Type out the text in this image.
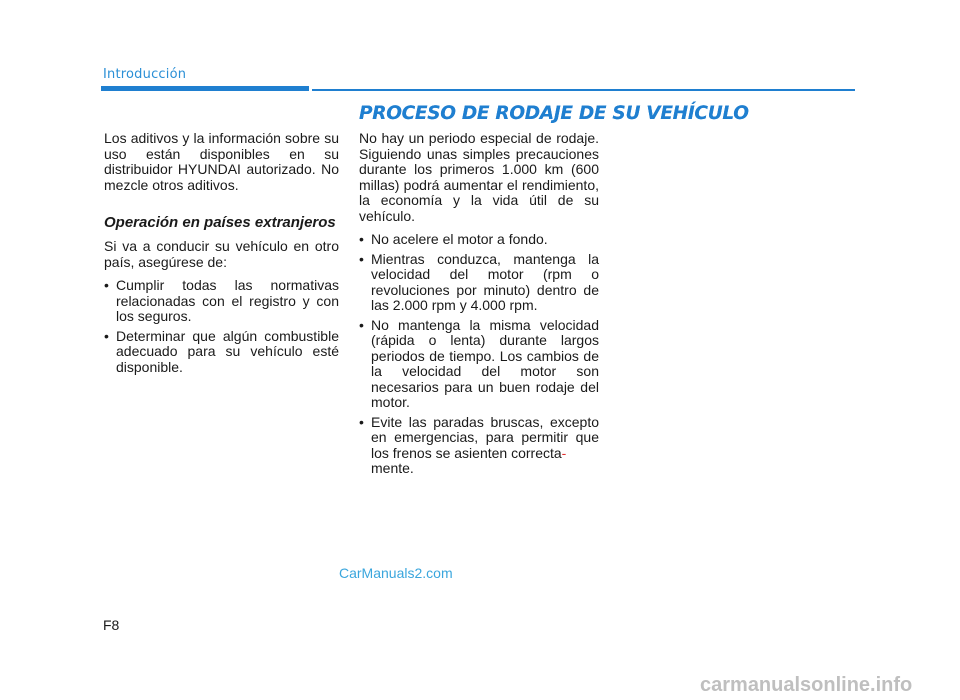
Introducción
PROCESO DE RODAJE DE SU VEHÍCULO

Los aditivos y la información sobre su uso están disponibles en su distribuidor HYUNDAI autorizado. No mezcle otros aditivos.

Operación en países extranjeros

Si va a conducir su vehículo en otro país, asegúrese de:

• Cumplir todas las normativas relacionadas con el registro y con los seguros.
• Determinar que algún combustible adecuado para su vehículo esté disponible.

No hay un periodo especial de rodaje. Siguiendo unas simples precauciones durante los primeros 1.000 km (600 millas) podrá aumentar el rendimiento, la economía y la vida útil de su vehículo.

• No acelere el motor a fondo.
• Mientras conduzca, mantenga la velocidad del motor (rpm o revoluciones por minuto) dentro de las 2.000 rpm y 4.000 rpm.
• No mantenga la misma velocidad (rápida o lenta) durante largos periodos de tiempo. Los cambios de la velocidad del motor son necesarios para un buen rodaje del motor.
• Evite las paradas bruscas, excepto en emergencias, para permitir que los frenos se asienten correcta-
mente.
CarManuals2.com
F8
carmanualsonline.info
